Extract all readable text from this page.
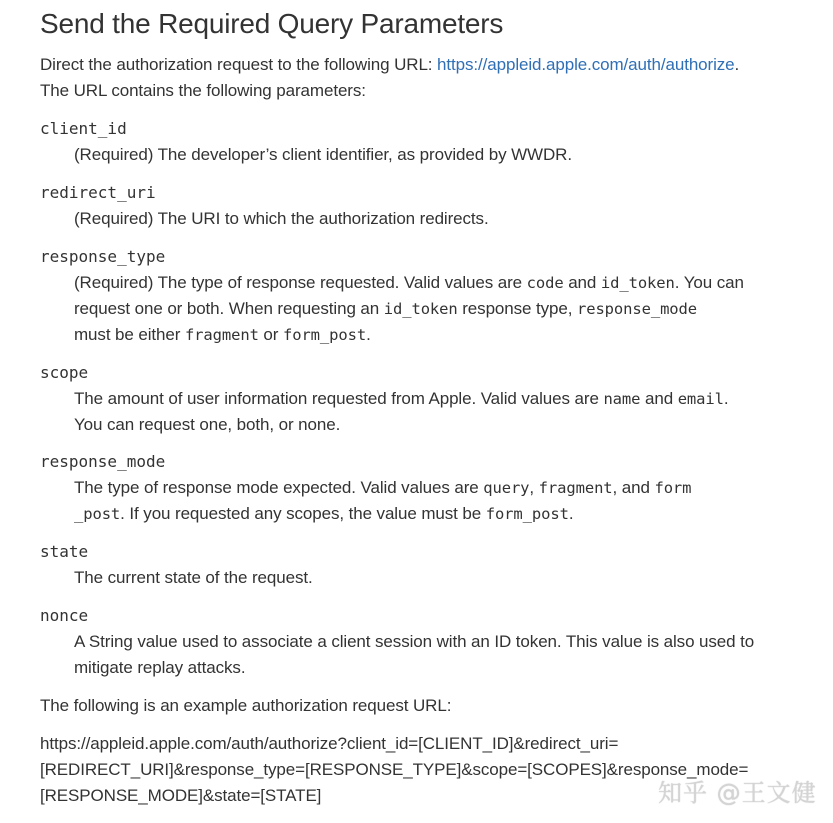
Send the Required Query Parameters
Direct the authorization request to the following URL: https://appleid.apple.com/auth/authorize.
The URL contains the following parameters:
client_id
(Required) The developer’s client identifier, as provided by WWDR.
redirect_uri
(Required) The URI to which the authorization redirects.
response_type
(Required) The type of response requested. Valid values are code and id_token. You can
request one or both. When requesting an id_token response type, response_mode
must be either fragment or form_post.
scope
The amount of user information requested from Apple. Valid values are name and email.
You can request one, both, or none.
response_mode
The type of response mode expected. Valid values are query, fragment, and form
_post. If you requested any scopes, the value must be form_post.
state
The current state of the request.
nonce
A String value used to associate a client session with an ID token. This value is also used to
mitigate replay attacks.
The following is an example authorization request URL:
https://appleid.apple.com/auth/authorize?client_id=[CLIENT_ID]&redirect_uri=
[REDIRECT_URI]&response_type=[RESPONSE_TYPE]&scope=[SCOPES]&response_mode=
[RESPONSE_MODE]&state=[STATE]	知乎 @王文健
